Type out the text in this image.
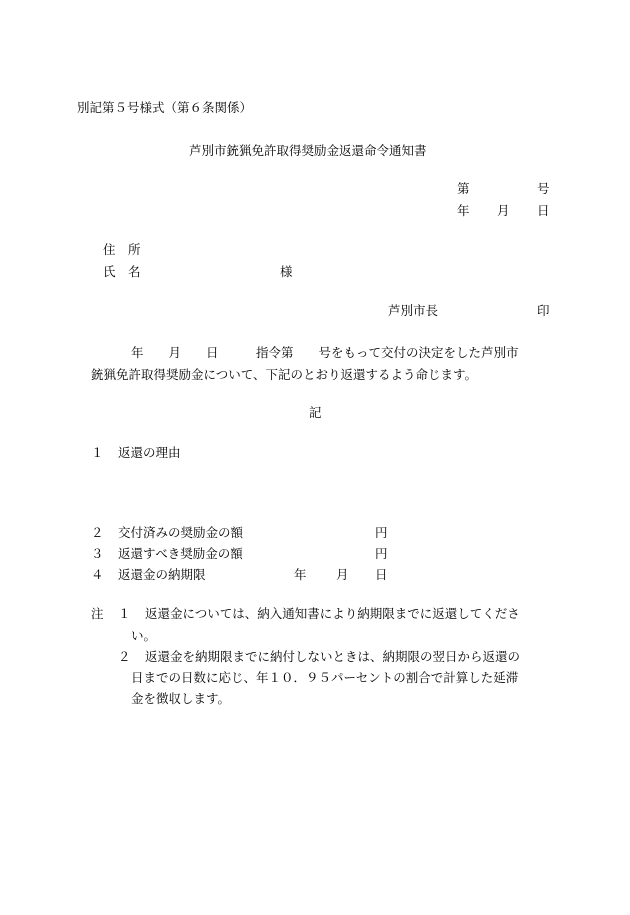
別記第５号様式（第６条関係）

芦別市銃猟免許取得奨励金返還命令通知書

第	号

年 月 日

住　所

氏　名	様

芦別市長	印

年　　月　　日　　　指令第　　号をもって交付の決定をした芦別市

銃猟免許取得奨励金について、下記のとおり返還するよう命じます。

記

１ 返還の理由

２ 交付済みの奨励金の額	円

３ 返還すべき奨励金の額	円

４ 返還金の納期限	年 月 日

注 １ 返還金については、納入通知書により納期限までに返還してくださ

い。

２ 返還金を納期限までに納付しないときは、納期限の翌日から返還の

日までの日数に応じ、年１０．９５パーセントの割合で計算した延滞

金を徴収します。
